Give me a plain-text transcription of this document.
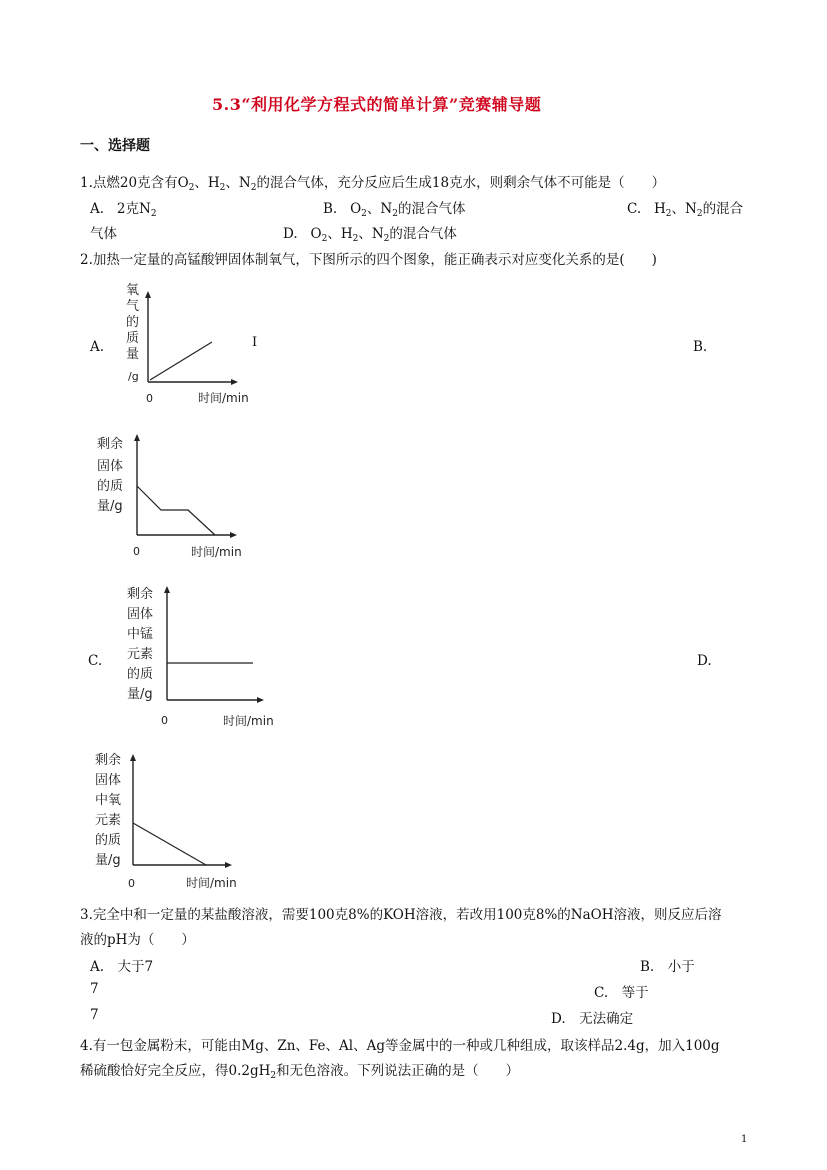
5.3“利用化学方程式的简单计算”竞赛辅导题
一、选择题
1.点燃20克含有$O_2$、$H_2$、$N_2$的混合气体，充分反应后生成18克水，则剩余气体不可能是（　　）
A. 2克$N_2$	B. $O_2$、$N_2$的混合气体	C. $H_2$、$N_2$的混合
气体	D. $O_2$、$H_2$、$N_2$的混合气体
2.加热一定量的高锰酸钾固体制氧气，下图所示的四个图象，能正确表示对应变化关系的是(　　)
A.	B.
I
氧
气
的
质
量
/g
0	时间/min
剩余
固体
的质
量/g
0	时间/min
C.	D.
剩余
固体
中锰
元素
的质
量/g
0	时间/min
剩余
固体
中氧
元素
的质
量/g
0	时间/min
3.完全中和一定量的某盐酸溶液，需要100克8%的KOH溶液，若改用100克8%的NaOH溶液，则反应后溶
液的pH为（　　）
A.　大于7	B.　小于
7	C.　等于
7	D.　无法确定
4.有一包金属粉末，可能由Mg、Zn、Fe、Al、Ag等金属中的一种或几种组成，取该样品2.4g，加入100g
稀硫酸恰好完全反应，得$0.2gH_2$和无色溶液。下列说法正确的是（　　）
1
